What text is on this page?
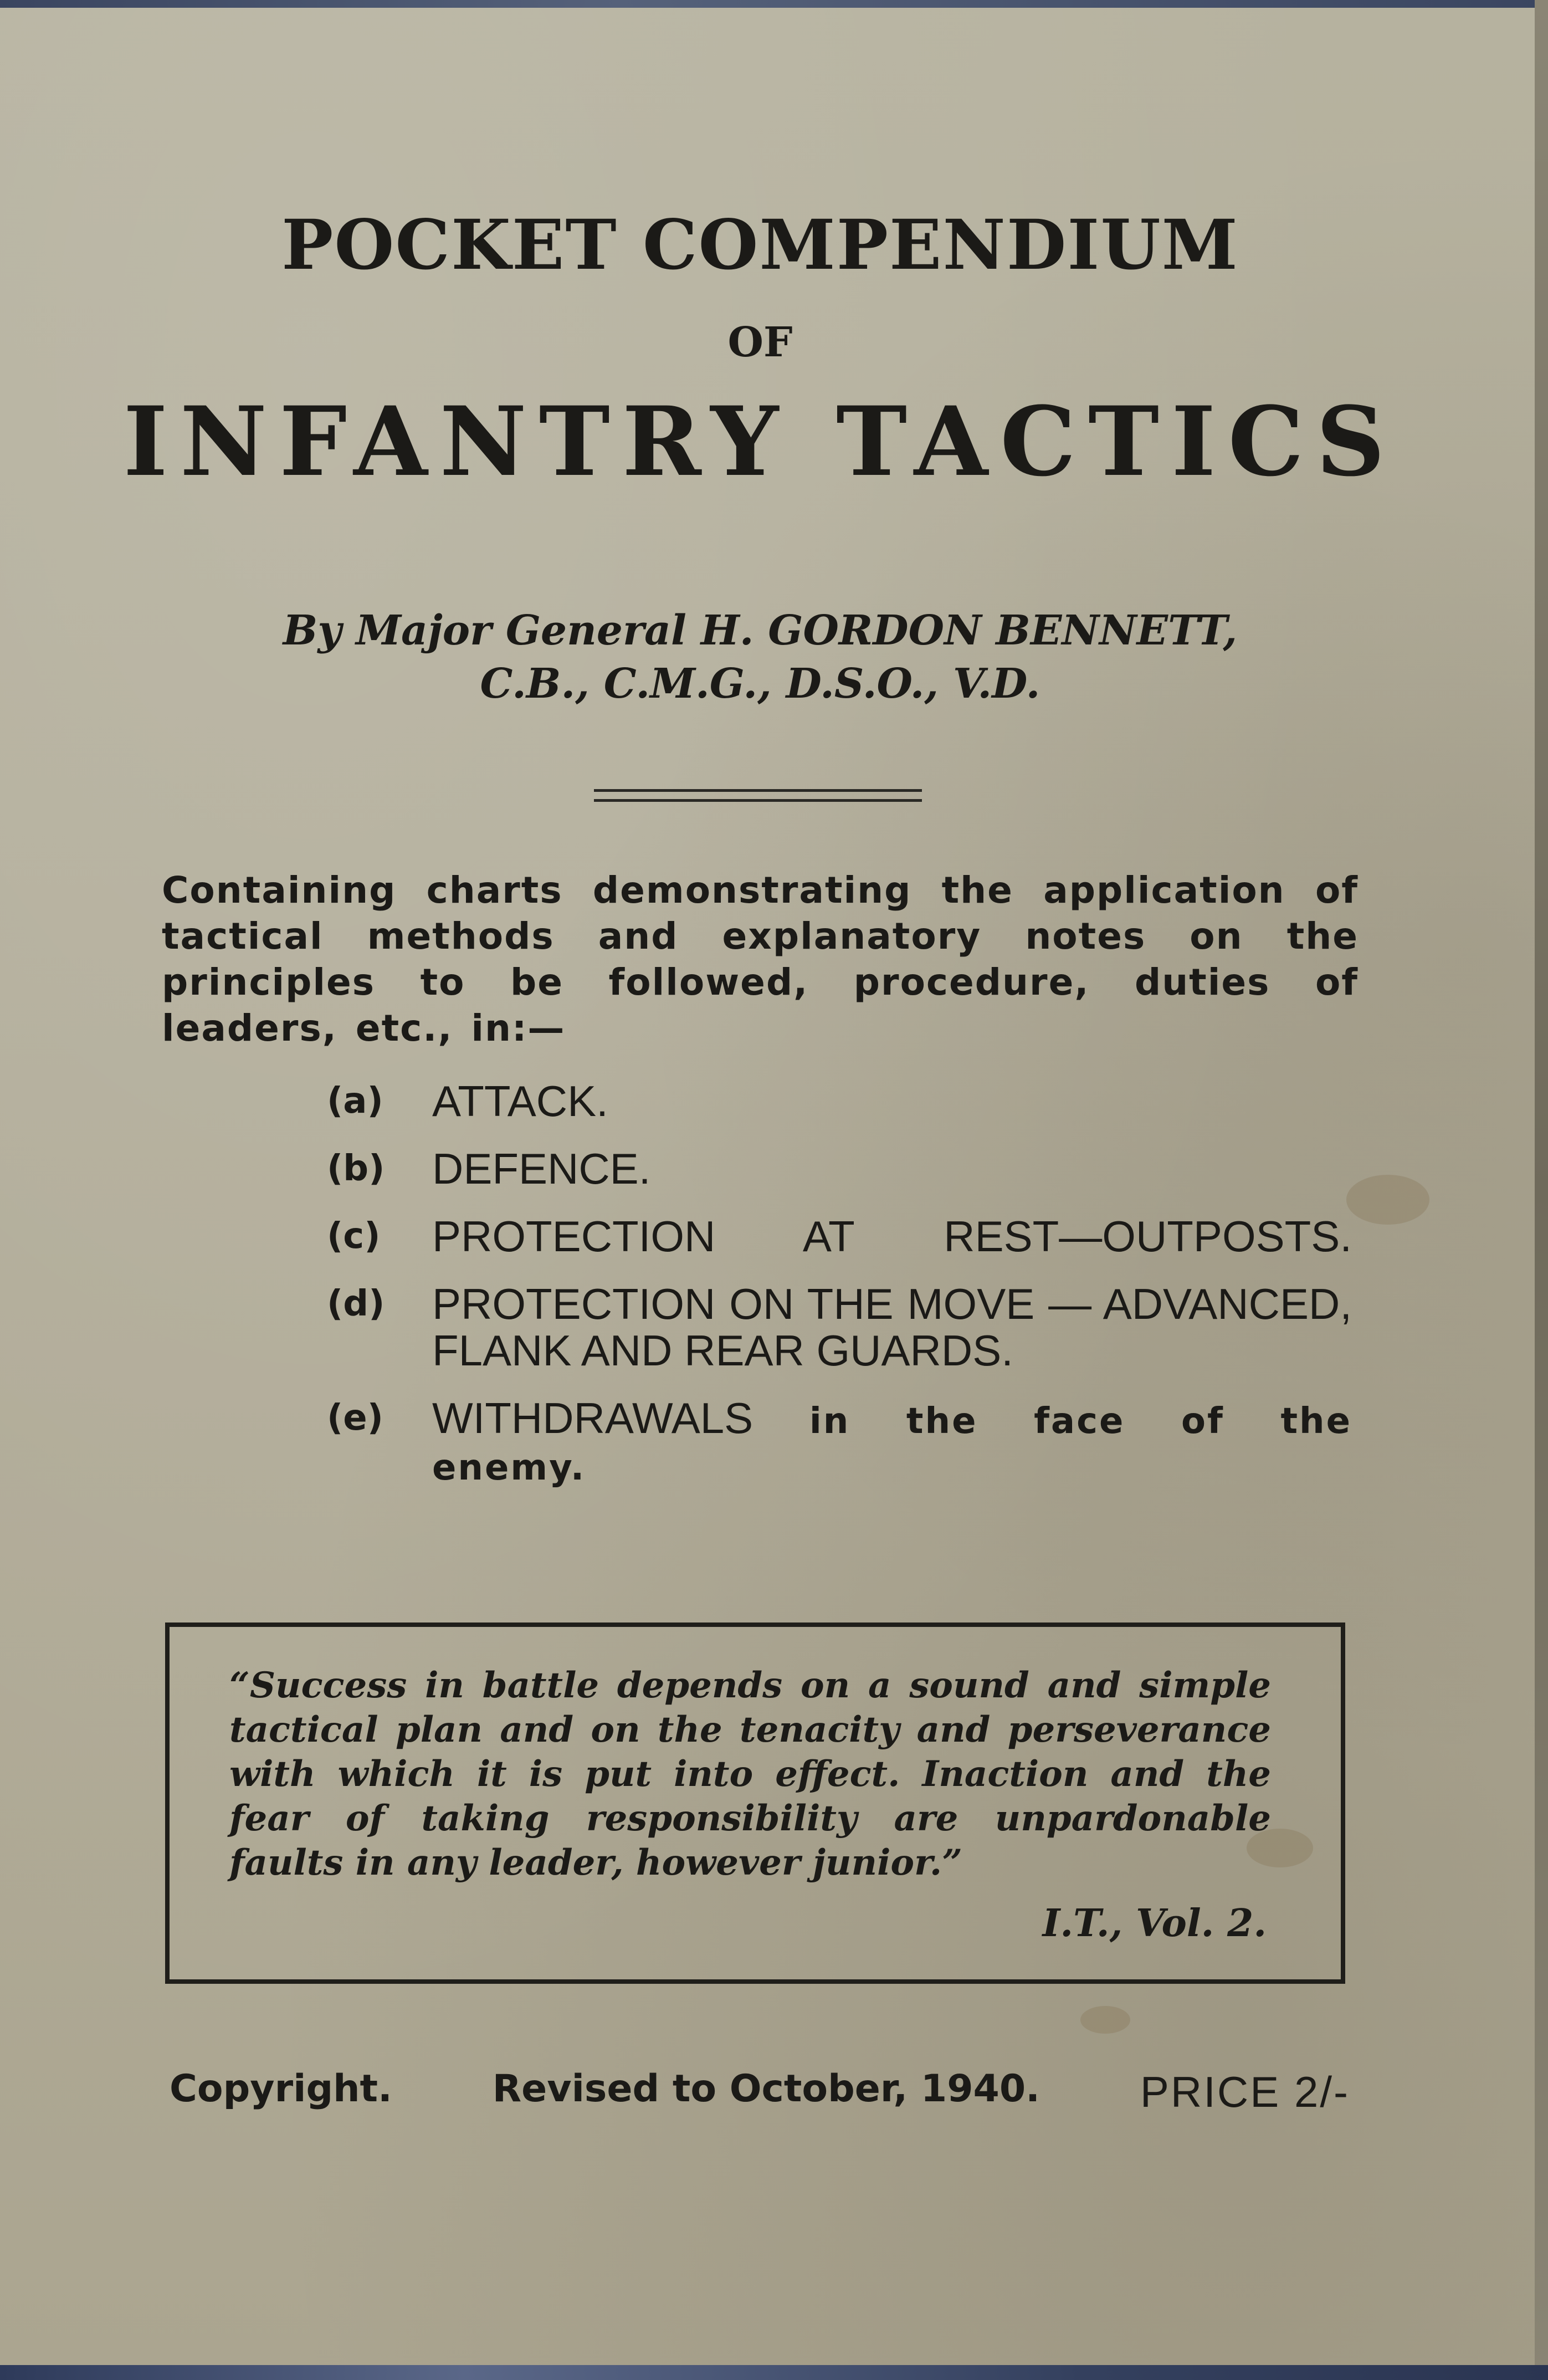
POCKET COMPENDIUM
OF
INFANTRY TACTICS
By Major General H. GORDON BENNETT,
C.B., C.M.G., D.S.O., V.D.
Containing charts demonstrating the application of tactical methods and explanatory notes on the principles to be followed, procedure, duties of leaders, etc., in:—
(a)	ATTACK.
(b)	DEFENCE.
(c)	PROTECTION AT REST—OUTPOSTS.
(d)	PROTECTION ON THE MOVE — ADVANCED, FLANK AND REAR GUARDS.
(e)	WITHDRAWALS in the face of the
enemy.
“Success in battle depends on a sound and simple tactical plan and on the tenacity and perseverance with which it is put into effect. Inaction and the fear of taking responsibility are unpardonable faults in any leader, however junior.”
I.T., Vol. 2.
Copyright.	Revised to October, 1940. PRICE 2/-
